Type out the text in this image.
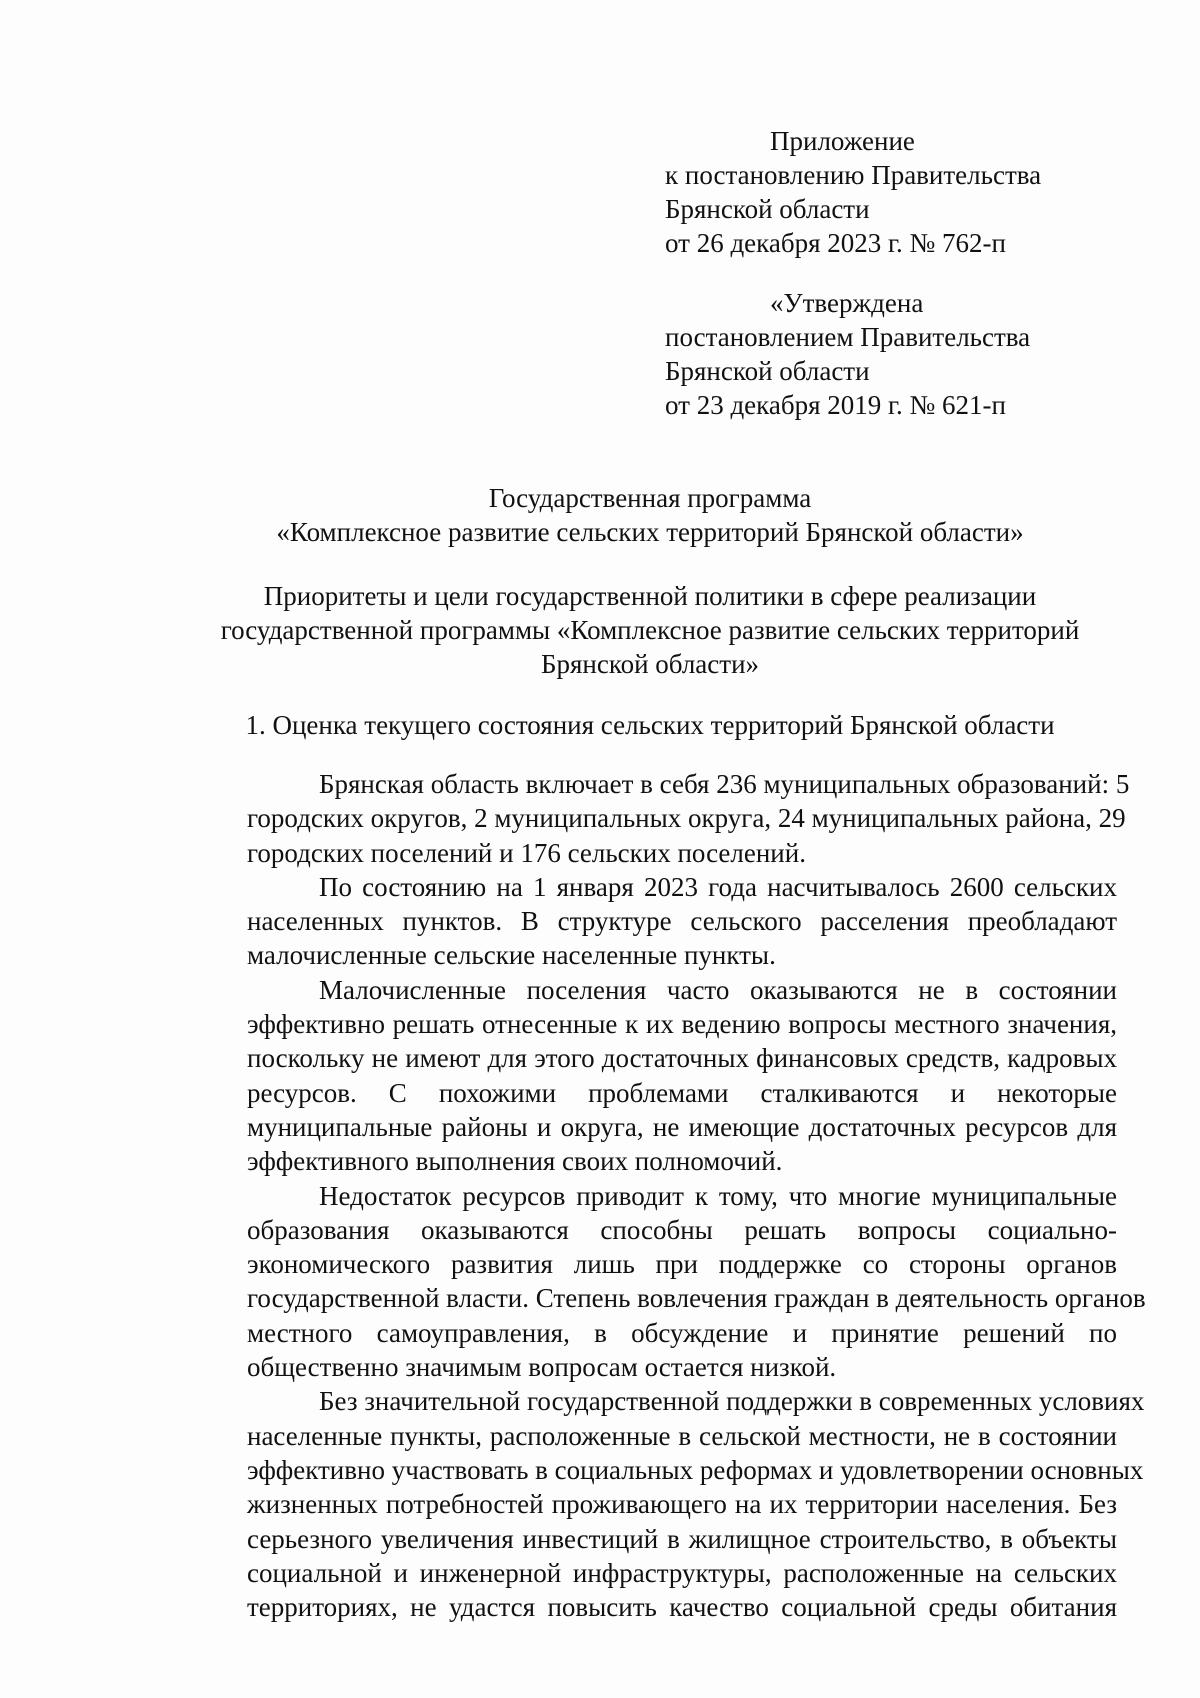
Приложение
к постановлению Правительства
Брянской области
от 26 декабря 2023 г. № 762-п
«Утверждена
постановлением Правительства
Брянской области
от 23 декабря 2019 г. № 621-п
Государственная программа
«Комплексное развитие сельских территорий Брянской области»
Приоритеты и цели государственной политики в сфере реализации
государственной программы «Комплексное развитие сельских территорий
Брянской области»
1. Оценка текущего состояния сельских территорий Брянской области
Брянская область включает в себя 236 муниципальных образований: 5
городских округов, 2 муниципальных округа, 24 муниципальных района, 29
городских поселений и 176 сельских поселений.
По состоянию на 1 января 2023 года насчитывалось 2600 сельских
населенных пунктов. В структуре сельского расселения преобладают
малочисленные сельские населенные пункты.
Малочисленные поселения часто оказываются не в состоянии
эффективно решать отнесенные к их ведению вопросы местного значения,
поскольку не имеют для этого достаточных финансовых средств, кадровых
ресурсов. С похожими проблемами сталкиваются и некоторые
муниципальные районы и округа, не имеющие достаточных ресурсов для
эффективного выполнения своих полномочий.
Недостаток ресурсов приводит к тому, что многие муниципальные
образования оказываются способны решать вопросы социально-
экономического развития лишь при поддержке со стороны органов
государственной власти. Степень вовлечения граждан в деятельность органов
местного самоуправления, в обсуждение и принятие решений по
общественно значимым вопросам остается низкой.
Без значительной государственной поддержки в современных условиях
населенные пункты, расположенные в сельской местности, не в состоянии
эффективно участвовать в социальных реформах и удовлетворении основных
жизненных потребностей проживающего на их территории населения. Без
серьезного увеличения инвестиций в жилищное строительство, в объекты
социальной и инженерной инфраструктуры, расположенные на сельских
территориях, не удастся повысить качество социальной среды обитания
